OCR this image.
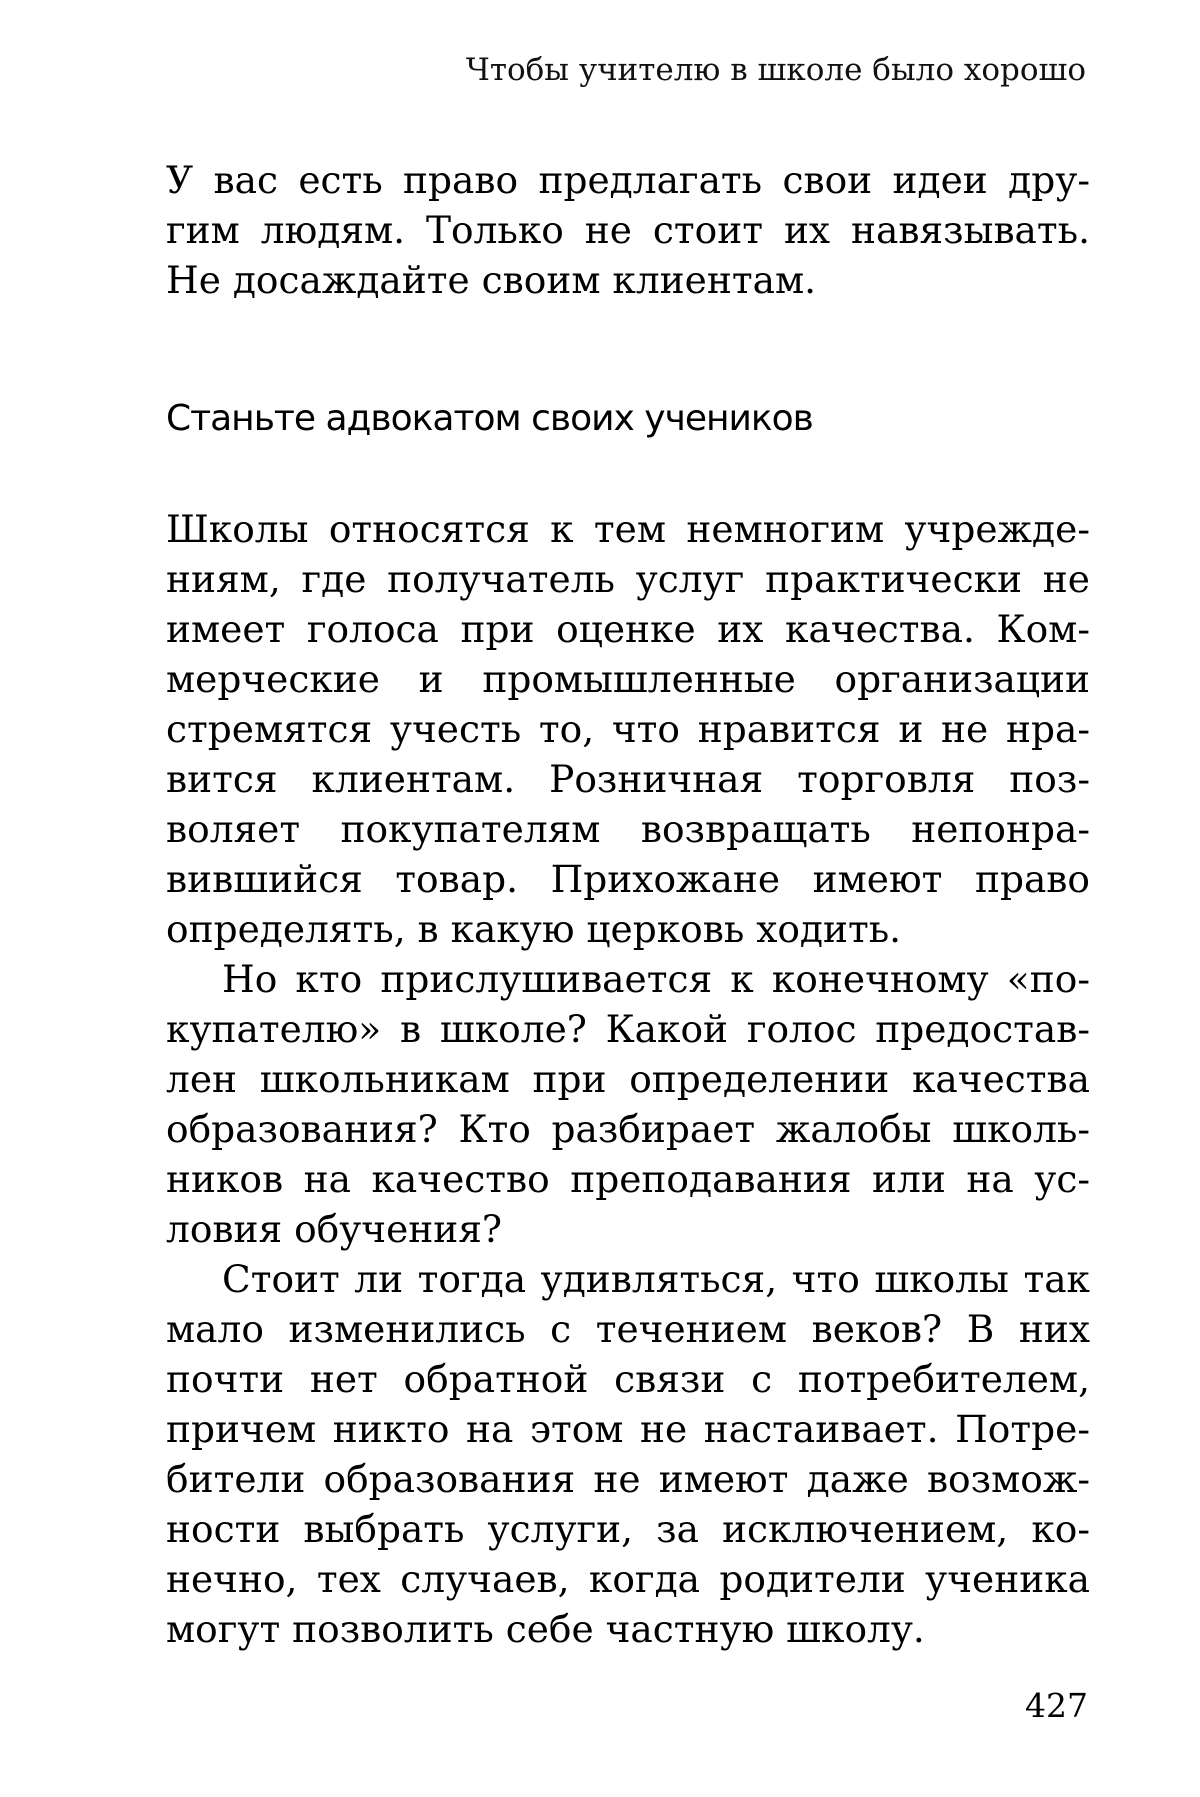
Чтобы учителю в школе было хорошо

У вас есть право предлагать свои идеи дру-
гим людям. Только не стоит их навязывать.
Не досаждайте своим клиентам.

Станьте адвокатом своих учеников

Школы относятся к тем немногим учрежде-
ниям, где получатель услуг практически не
имеет голоса при оценке их качества. Ком-
мерческие и промышленные организации
стремятся учесть то, что нравится и не нра-
вится клиентам. Розничная торговля поз-
воляет покупателям возвращать непонра-
вившийся товар. Прихожане имеют право
определять, в какую церковь ходить.

Но кто прислушивается к конечному «по-
купателю» в школе? Какой голос предостав-
лен школьникам при определении качества
образования? Кто разбирает жалобы школь-
ников на качество преподавания или на ус-
ловия обучения?

Стоит ли тогда удивляться, что школы так
мало изменились с течением веков? В них
почти нет обратной связи с потребителем,
причем никто на этом не настаивает. Потре-
бители образования не имеют даже возмож-
ности выбрать услуги, за исключением, ко-
нечно, тех случаев, когда родители ученика
могут позволить себе частную школу.

427
